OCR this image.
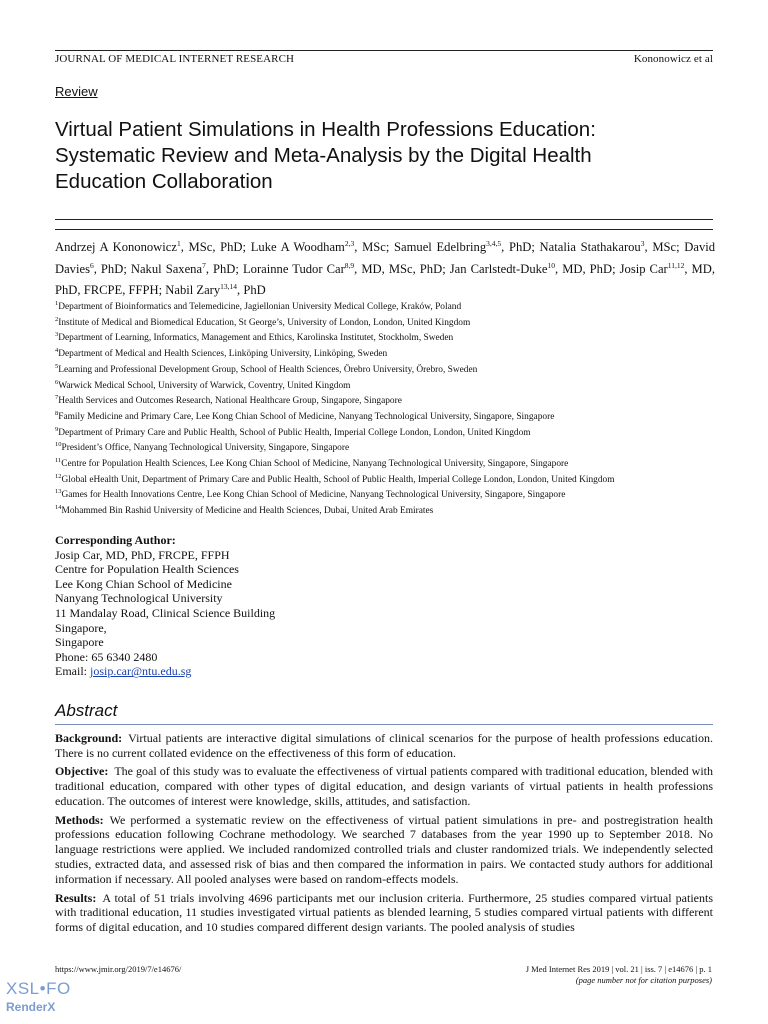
JOURNAL OF MEDICAL INTERNET RESEARCH	Kononowicz et al
Review
Virtual Patient Simulations in Health Professions Education:
Systematic Review and Meta-Analysis by the Digital Health
Education Collaboration

Andrzej A Kononowicz$^1$, MSc, PhD; Luke A Woodham$^{2,3}$, MSc; Samuel Edelbring$^{3,4,5}$, PhD; Natalia Stathakarou$^3$, MSc; David Davies$^6$, PhD; Nakul Saxena$^7$, PhD; Lorainne Tudor Car$^{8,9}$, MD, MSc, PhD; Jan Carlstedt-Duke$^{10}$, MD, PhD; Josip Car$^{11,12}$, MD, PhD, FRCPE, FFPH; Nabil Zary$^{13,14}$, PhD

$^1$Department of Bioinformatics and Telemedicine, Jagiellonian University Medical College, Kraków, Poland
$^2$Institute of Medical and Biomedical Education, St George’s, University of London, London, United Kingdom
$^3$Department of Learning, Informatics, Management and Ethics, Karolinska Institutet, Stockholm, Sweden
$^4$Department of Medical and Health Sciences, Linköping University, Linköping, Sweden
$^5$Learning and Professional Development Group, School of Health Sciences, Örebro University, Örebro, Sweden
$^6$Warwick Medical School, University of Warwick, Coventry, United Kingdom
$^7$Health Services and Outcomes Research, National Healthcare Group, Singapore, Singapore
$^8$Family Medicine and Primary Care, Lee Kong Chian School of Medicine, Nanyang Technological University, Singapore, Singapore
$^9$Department of Primary Care and Public Health, School of Public Health, Imperial College London, London, United Kingdom
$^{10}$President’s Office, Nanyang Technological University, Singapore, Singapore
$^{11}$Centre for Population Health Sciences, Lee Kong Chian School of Medicine, Nanyang Technological University, Singapore, Singapore
$^{12}$Global eHealth Unit, Department of Primary Care and Public Health, School of Public Health, Imperial College London, London, United Kingdom
$^{13}$Games for Health Innovations Centre, Lee Kong Chian School of Medicine, Nanyang Technological University, Singapore, Singapore
$^{14}$Mohammed Bin Rashid University of Medicine and Health Sciences, Dubai, United Arab Emirates
Corresponding Author:
Josip Car, MD, PhD, FRCPE, FFPH
Centre for Population Health Sciences
Lee Kong Chian School of Medicine
Nanyang Technological University
11 Mandalay Road, Clinical Science Building
Singapore,
Singapore
Phone: 65 6340 2480
Email: josip.car@ntu.edu.sg
Abstract

Background: Virtual patients are interactive digital simulations of clinical scenarios for the purpose of health professions education. There is no current collated evidence on the effectiveness of this form of education.

Objective: The goal of this study was to evaluate the effectiveness of virtual patients compared with traditional education, blended with traditional education, compared with other types of digital education, and design variants of virtual patients in health professions education. The outcomes of interest were knowledge, skills, attitudes, and satisfaction.

Methods: We performed a systematic review on the effectiveness of virtual patient simulations in pre- and postregistration health professions education following Cochrane methodology. We searched 7 databases from the year 1990 up to September 2018. No language restrictions were applied. We included randomized controlled trials and cluster randomized trials. We independently selected studies, extracted data, and assessed risk of bias and then compared the information in pairs. We contacted study authors for additional information if necessary. All pooled analyses were based on random-effects models.

Results: A total of 51 trials involving 4696 participants met our inclusion criteria. Furthermore, 25 studies compared virtual patients with traditional education, 11 studies investigated virtual patients as blended learning, 5 studies compared virtual patients with different forms of digital education, and 10 studies compared different design variants. The pooled analysis of studies

https://www.jmir.org/2019/7/e14676/	J Med Internet Res 2019 | vol. 21 | iss. 7 | e14676 | p. 1
(page number not for citation purposes)
XSL•FO
RenderX
